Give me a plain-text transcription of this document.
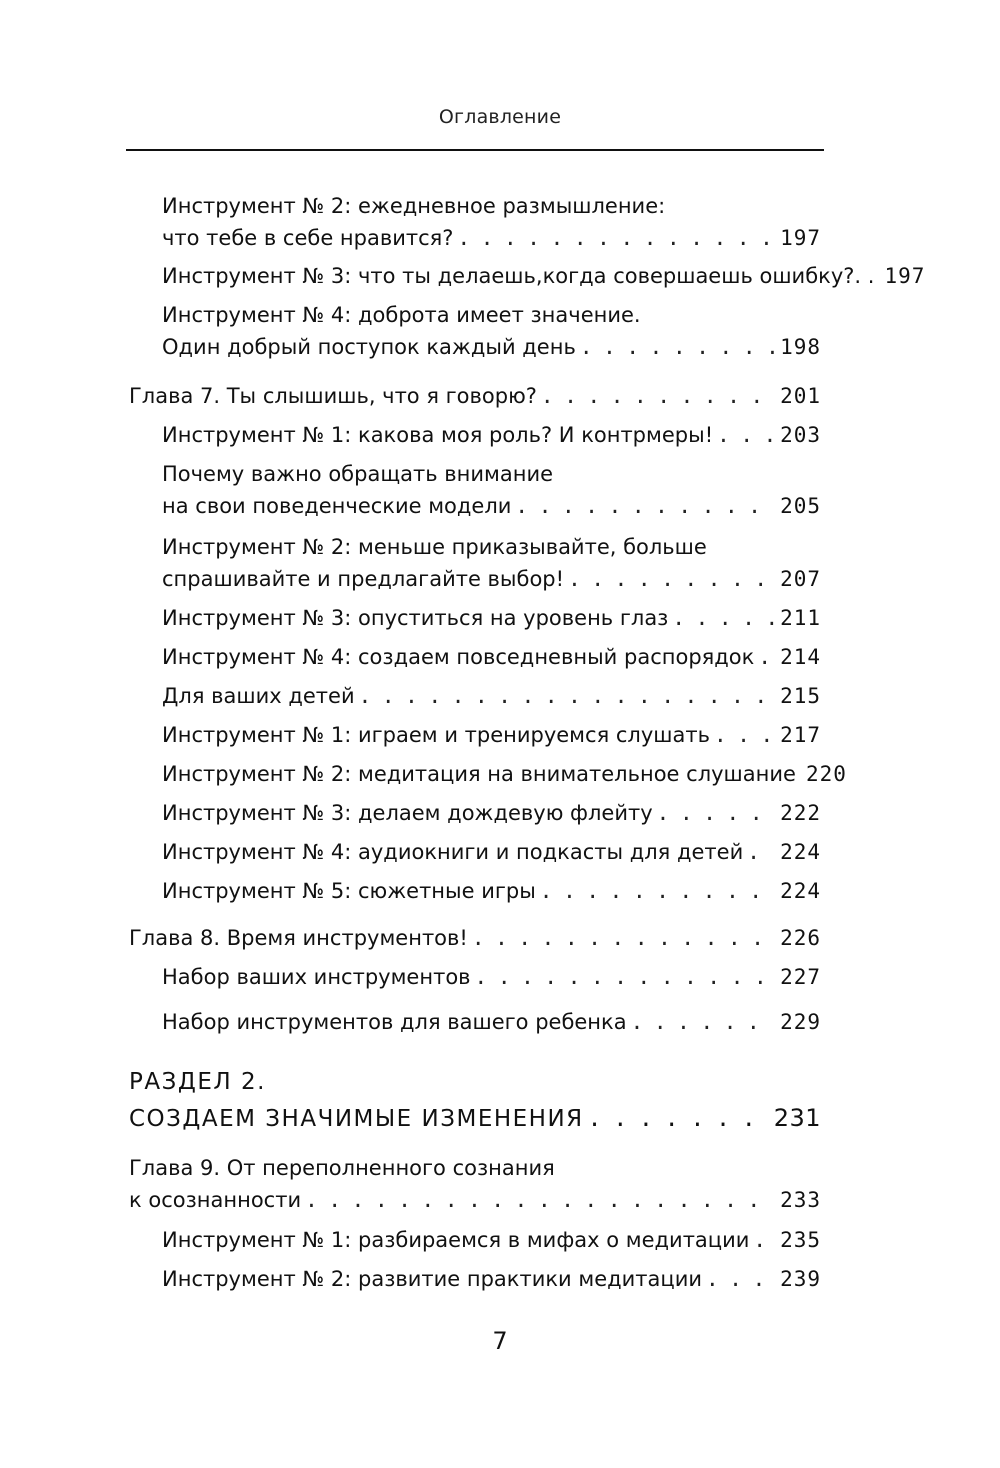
Оглавление
Инструмент № 2: ежедневное размышление:
что тебе в себе нравится? . . .	197
Инструмент № 3: что ты делаешь,когда совершаешь ошибку?. . 197
Инструмент № 4: доброта имеет значение.
Один добрый поступок каждый день . . .	198
Глава 7. Ты слышишь, что я говорю? . . .	201
Инструмент № 1: какова моя роль? И контрмеры! . . .	203
Почему важно обращать внимание
на свои поведенческие модели . . .	205
Инструмент № 2: меньше приказывайте, больше
спрашивайте и предлагайте выбор! . . .	207
Инструмент № 3: опуститься на уровень глаз . . .	211
Инструмент № 4: создаем повседневный распорядок . . . 214
Для ваших детей . . .	215
Инструмент № 1: играем и тренируемся слушать . . .	217
Инструмент № 2: медитация на внимательное слушание 220
Инструмент № 3: делаем дождевую флейту . . .	222
Инструмент № 4: аудиокниги и подкасты для детей . . . 224
Инструмент № 5: сюжетные игры . . .	224
Глава 8. Время инструментов! . . .	226
Набор ваших инструментов . . .	227
Набор инструментов для вашего ребенка . . .	229
РАЗДЕЛ 2.
СОЗДАЕМ ЗНАЧИМЫЕ ИЗМЕНЕНИЯ . . .	231
Глава 9. От переполненного сознания
к осознанности . . .	233
Инструмент № 1: разбираемся в мифах о медитации . . . 235
Инструмент № 2: развитие практики медитации . . .	239
7
